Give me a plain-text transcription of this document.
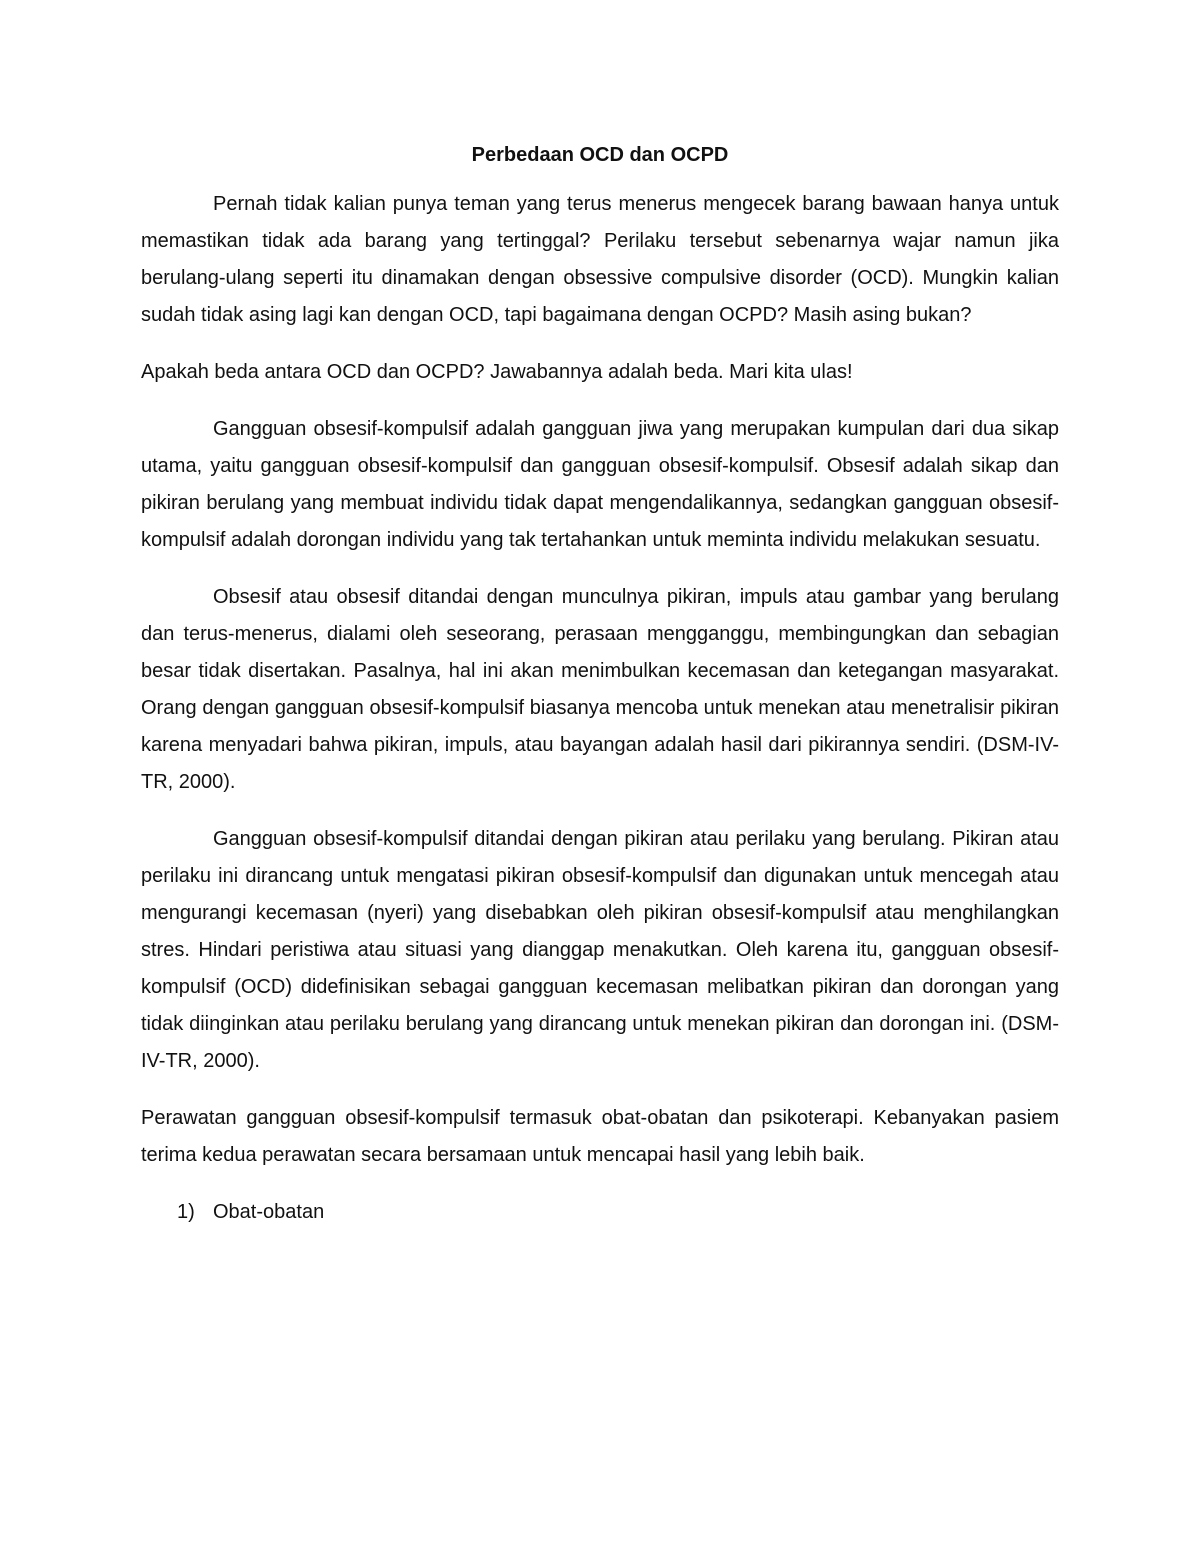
Perbedaan OCD dan OCPD

Pernah tidak kalian punya teman yang terus menerus mengecek barang bawaan hanya untuk memastikan tidak ada barang yang tertinggal? Perilaku tersebut sebenarnya wajar namun jika berulang-ulang seperti itu dinamakan dengan obsessive compulsive disorder (OCD). Mungkin kalian sudah tidak asing lagi kan dengan OCD, tapi bagaimana dengan OCPD? Masih asing bukan?

Apakah beda antara OCD dan OCPD? Jawabannya adalah beda. Mari kita ulas!

Gangguan obsesif-kompulsif adalah gangguan jiwa yang merupakan kumpulan dari dua sikap utama, yaitu gangguan obsesif-kompulsif dan gangguan obsesif-kompulsif. Obsesif adalah sikap dan pikiran berulang yang membuat individu tidak dapat mengendalikannya, sedangkan gangguan obsesif-kompulsif adalah dorongan individu yang tak tertahankan untuk meminta individu melakukan sesuatu.

Obsesif atau obsesif ditandai dengan munculnya pikiran, impuls atau gambar yang berulang dan terus-menerus, dialami oleh seseorang, perasaan mengganggu, membingungkan dan sebagian besar tidak disertakan. Pasalnya, hal ini akan menimbulkan kecemasan dan ketegangan masyarakat. Orang dengan gangguan obsesif-kompulsif biasanya mencoba untuk menekan atau menetralisir pikiran karena menyadari bahwa pikiran, impuls, atau bayangan adalah hasil dari pikirannya sendiri. (DSM-IV-TR, 2000).

Gangguan obsesif-kompulsif ditandai dengan pikiran atau perilaku yang berulang. Pikiran atau perilaku ini dirancang untuk mengatasi pikiran obsesif-kompulsif dan digunakan untuk mencegah atau mengurangi kecemasan (nyeri) yang disebabkan oleh pikiran obsesif-kompulsif atau menghilangkan stres. Hindari peristiwa atau situasi yang dianggap menakutkan. Oleh karena itu, gangguan obsesif-kompulsif (OCD) didefinisikan sebagai gangguan kecemasan melibatkan pikiran dan dorongan yang tidak diinginkan atau perilaku berulang yang dirancang untuk menekan pikiran dan dorongan ini. (DSM-IV-TR, 2000).

Perawatan gangguan obsesif-kompulsif termasuk obat-obatan dan psikoterapi. Kebanyakan pasiem terima kedua perawatan secara bersamaan untuk mencapai hasil yang lebih baik.

1) Obat-obatan
